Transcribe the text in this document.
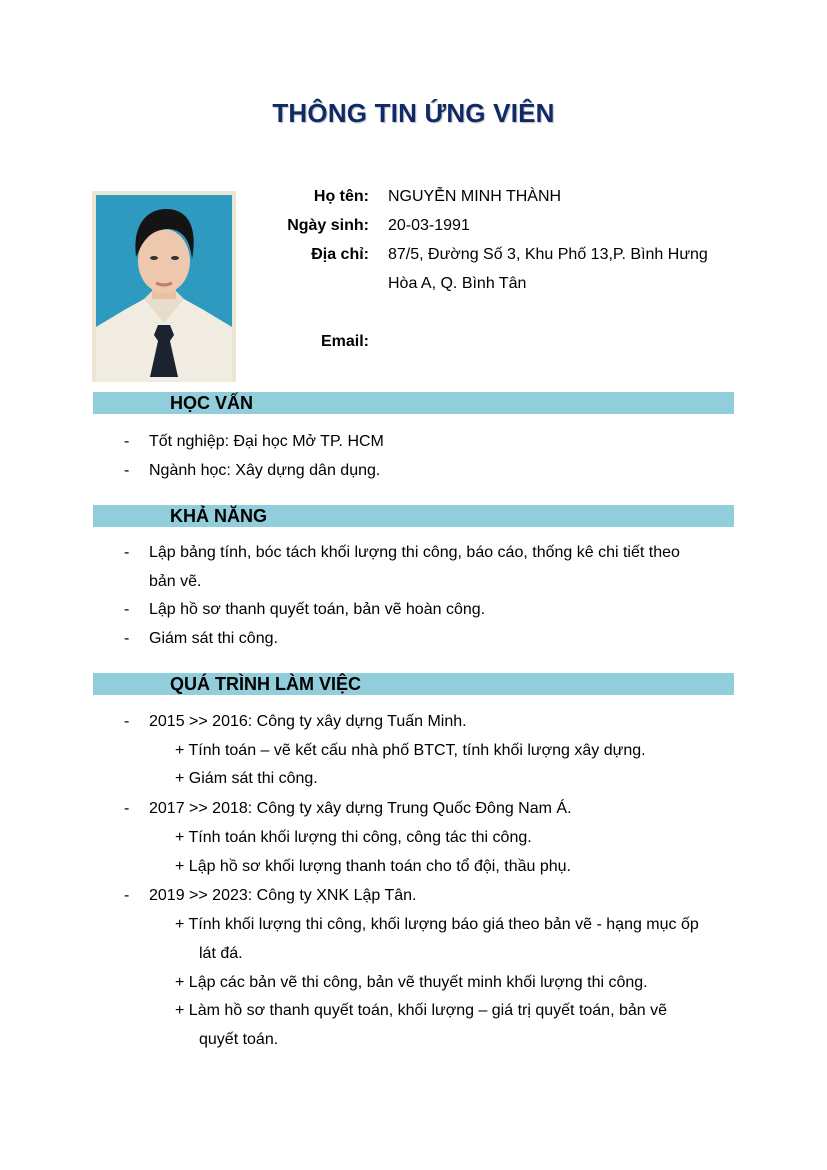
THÔNG TIN ỨNG VIÊN
Họ tên: NGUYỄN MINH THÀNH
Ngày sinh: 20-03-1991
Địa chỉ: 87/5, Đường Số 3, Khu Phố 13,P. Bình Hưng
Hòa A, Q. Bình Tân
Email:
HỌC VẤN
- Tốt nghiệp: Đại học Mở TP. HCM
- Ngành học: Xây dựng dân dụng.
KHẢ NĂNG
- Lập bảng tính, bóc tách khối lượng thi công, báo cáo, thống kê chi tiết theo
bản vẽ.
- Lập hồ sơ thanh quyết toán, bản vẽ hoàn công.
- Giám sát thi công.
QUÁ TRÌNH LÀM VIỆC
- 2015 >> 2016: Công ty xây dựng Tuấn Minh.
+ Tính toán – vẽ kết cấu nhà phố BTCT, tính khối lượng xây dựng.
+ Giám sát thi công.
- 2017 >> 2018: Công ty xây dựng Trung Quốc Đông Nam Á.
+ Tính toán khối lượng thi công, công tác thi công.
+ Lập hồ sơ khối lượng thanh toán cho tổ đội, thầu phụ.
- 2019 >> 2023: Công ty XNK Lập Tân.
+ Tính khối lượng thi công, khối lượng báo giá theo bản vẽ - hạng mục ốp
lát đá.
+ Lập các bản vẽ thi công, bản vẽ thuyết minh khối lượng thi công.
+ Làm hồ sơ thanh quyết toán, khối lượng – giá trị quyết toán, bản vẽ
quyết toán.
